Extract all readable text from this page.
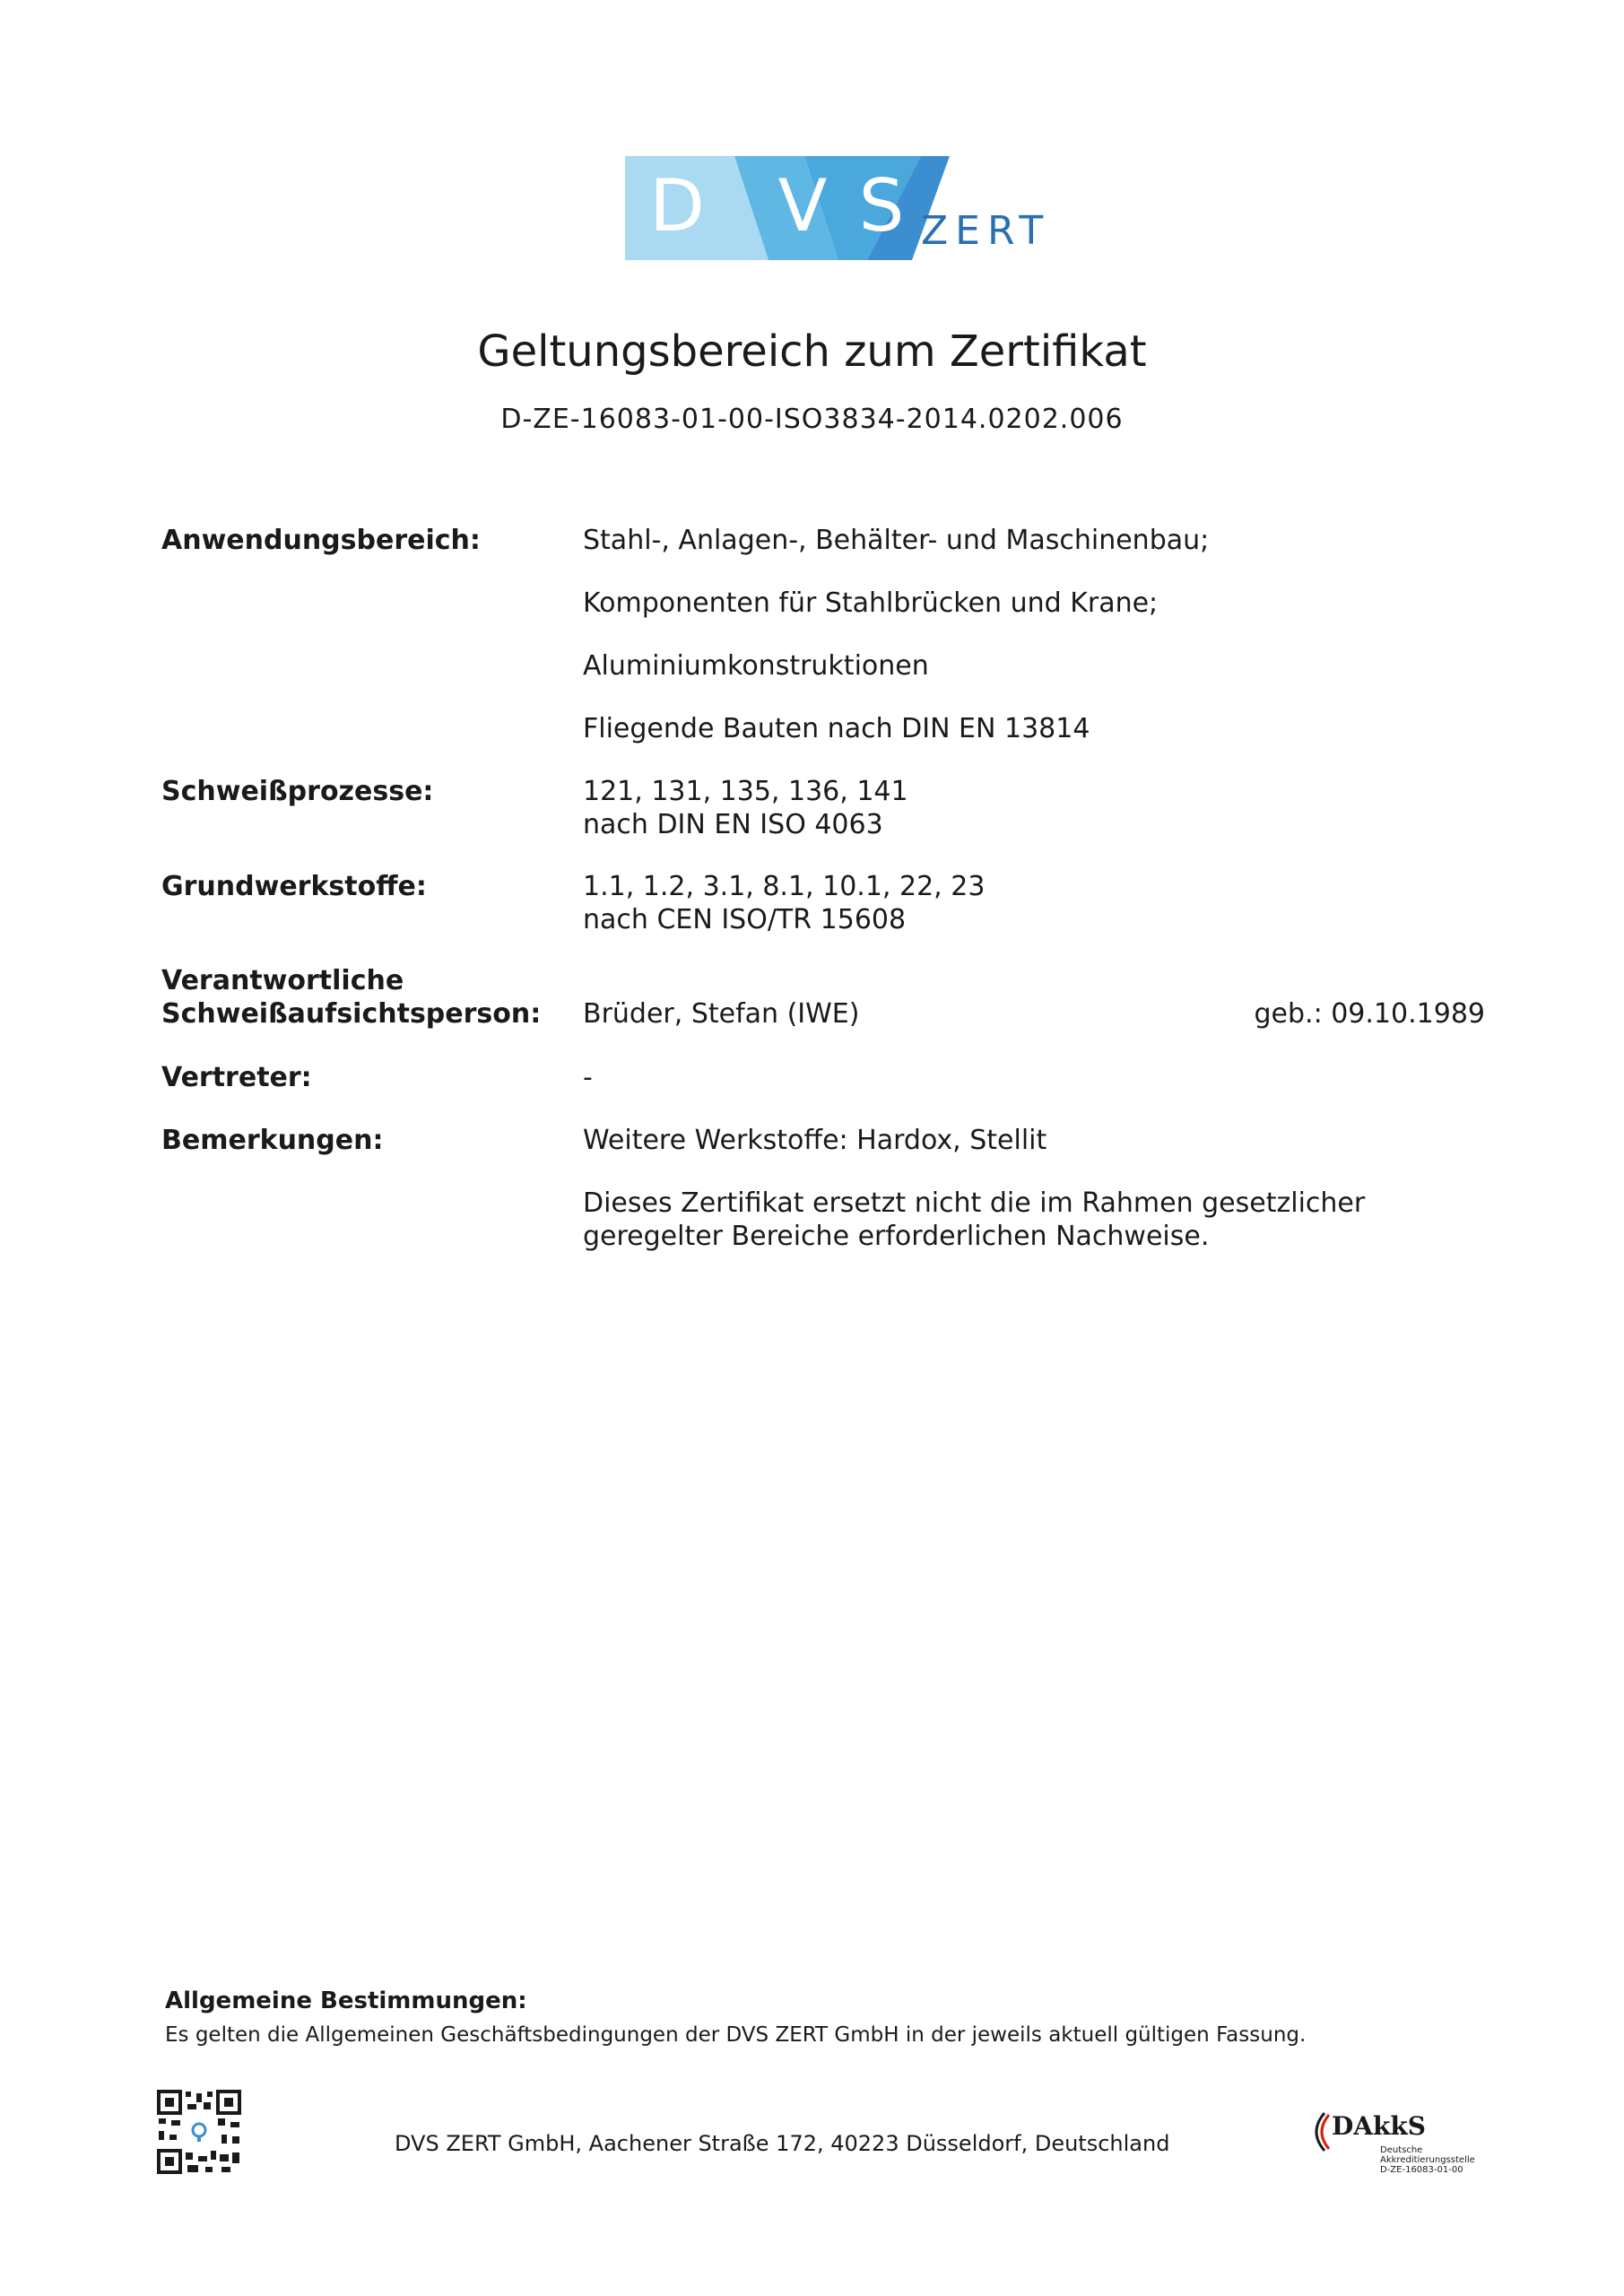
D V S ZERT
Geltungsbereich zum Zertifikat
D-ZE-16083-01-00-ISO3834-2014.0202.006
Anwendungsbereich:	Stahl-, Anlagen-, Behälter- und Maschinenbau;
Komponenten für Stahlbrücken und Krane;
Aluminiumkonstruktionen
Fliegende Bauten nach DIN EN 13814
Schweißprozesse:	121, 131, 135, 136, 141
nach DIN EN ISO 4063
Grundwerkstoffe:	1.1, 1.2, 3.1, 8.1, 10.1, 22, 23
nach CEN ISO/TR 15608
Verantwortliche
Schweißaufsichtsperson: Brüder, Stefan (IWE)	geb.: 09.10.1989
Vertreter:	-
Bemerkungen:	Weitere Werkstoffe: Hardox, Stellit
Dieses Zertifikat ersetzt nicht die im Rahmen gesetzlicher
geregelter Bereiche erforderlichen Nachweise.
Allgemeine Bestimmungen:
Es gelten die Allgemeinen Geschäftsbedingungen der DVS ZERT GmbH in der jeweils aktuell gültigen Fassung.
DVS ZERT GmbH, Aachener Straße 172, 40223 Düsseldorf, Deutschland
DAkkS
Deutsche
Akkreditierungsstelle
D-ZE-16083-01-00
